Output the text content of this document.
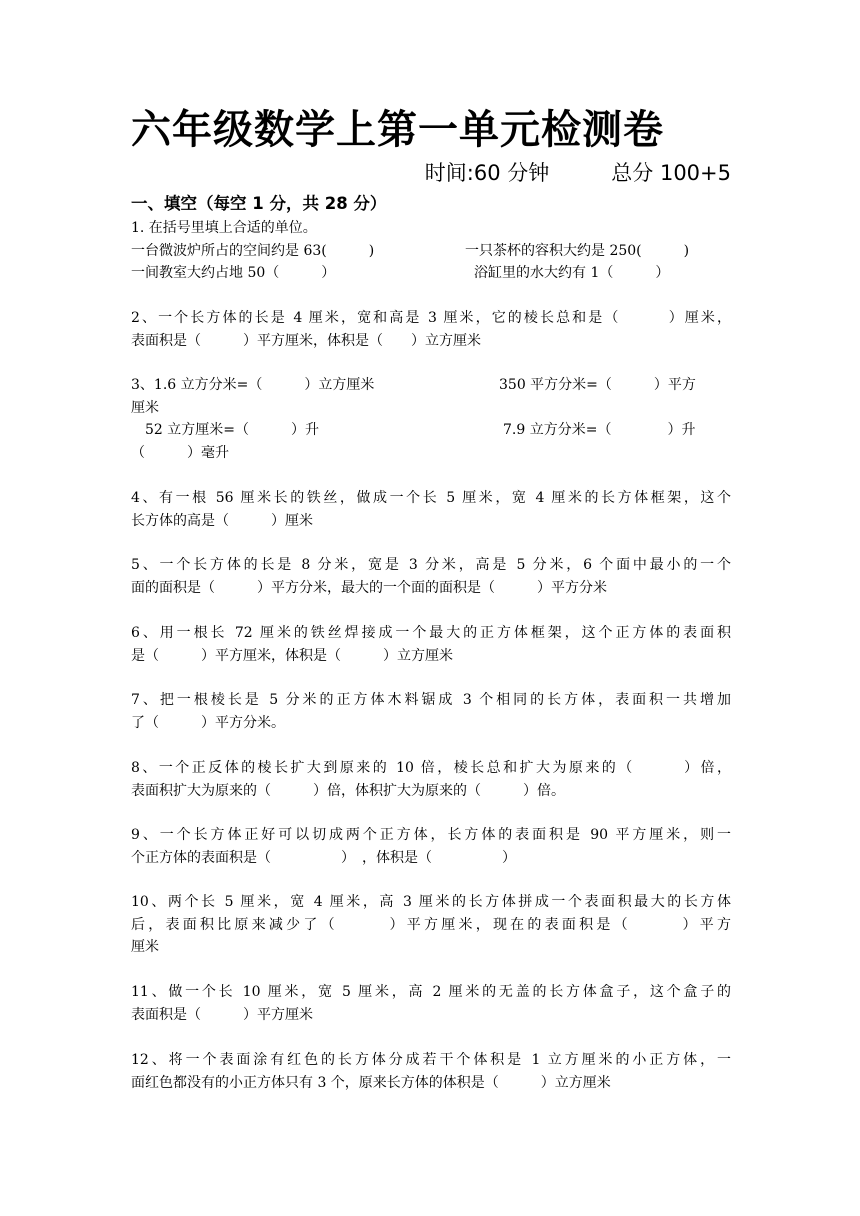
六年级数学上第一单元检测卷
时间:60 分钟	总分 100+5
一、填空（每空 1 分，共 28 分）
1. 在括号里填上合适的单位。
一台微波炉所占的空间约是 63(　　　)	一只茶杯的容积大约是 250(　　　)
一间教室大约占地 50（　　　）	浴缸里的水大约有 1（　　　）
2、一个长方体的长是 4 厘米，宽和高是 3 厘米，它的棱长总和是（　　　）厘米，
表面积是（　　　）平方厘米，体积是（　　）立方厘米
3、1.6 立方分米=（　　　）立方厘米	350 平方分米=（　　　）平方
厘米
　52 立方厘米=（　　　）升	7.9 立方分米=（　　　　）升
（　　　）毫升
4、有一根 56 厘米长的铁丝，做成一个长 5 厘米，宽 4 厘米的长方体框架，这个
长方体的高是（　　　）厘米
5、一个长方体的长是 8 分米，宽是 3 分米，高是 5 分米，6 个面中最小的一个
面的面积是（　　　）平方分米，最大的一个面的面积是（　　　）平方分米
6、用一根长 72 厘米的铁丝焊接成一个最大的正方体框架，这个正方体的表面积
是（　　　）平方厘米，体积是（　　　）立方厘米
7、把一根棱长是 5 分米的正方体木料锯成 3 个相同的长方体，表面积一共增加
了（　　　）平方分米。
8、一个正反体的棱长扩大到原来的 10 倍，棱长总和扩大为原来的（　　　）倍，
表面积扩大为原来的（　　　）倍，体积扩大为原来的（　　　）倍。
9、一个长方体正好可以切成两个正方体，长方体的表面积是 90 平方厘米，则一
个正方体的表面积是（　　　　　）　，体积是（　　　　　）
10、两个长 5 厘米，宽 4 厘米，高 3 厘米的长方体拼成一个表面积最大的长方体
后，表面积比原来减少了（　　　）平方厘米，现在的表面积是（　　　）平方
厘米
11、做一个长 10 厘米，宽 5 厘米，高 2 厘米的无盖的长方体盒子，这个盒子的
表面积是（　　　）平方厘米
12、将一个表面涂有红色的长方体分成若干个体积是 1 立方厘米的小正方体，一
面红色都没有的小正方体只有 3 个，原来长方体的体积是（　　　）立方厘米
